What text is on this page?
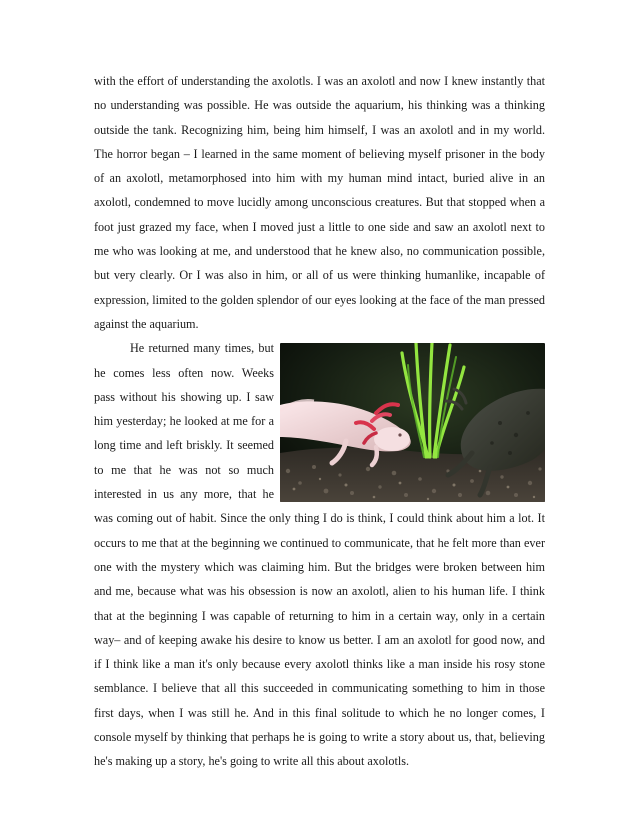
with the effort of understanding the axolotls. I was an axolotl and now I knew instantly that no understanding was possible. He was outside the aquarium, his thinking was a thinking outside the tank. Recognizing him, being him himself, I was an axolotl and in my world. The horror began – I learned in the same moment of believing myself prisoner in the body of an axolotl, metamorphosed into him with my human mind intact, buried alive in an axolotl, condemned to move lucidly among unconscious creatures. But that stopped when a foot just grazed my face, when I moved just a little to one side and saw an axolotl next to me who was looking at me, and understood that he knew also, no communication possible, but very clearly. Or I was also in him, or all of us were thinking humanlike, incapable of expression, limited to the golden splendor of our eyes looking at the face of the man pressed against the aquarium.

He returned many times, but he comes less often now. Weeks pass without his showing up. I saw him yesterday; he looked at me for a long time and left briskly. It seemed to me that he was not so much interested in us any more, that he was coming out of habit. Since the only thing I do is think, I could think about him a lot. It occurs to me that at the beginning we continued to communicate, that he felt more than ever one with the mystery which was claiming him. But the bridges were broken between him and me, because what was his obsession is now an axolotl, alien to his human life. I think that at the beginning I was capable of returning to him in a certain way, only in a certain way– and of keeping awake his desire to know us better. I am an axolotl for good now, and if I think like a man it's only because every axolotl thinks like a man inside his rosy stone semblance. I believe that all this succeeded in communicating something to him in those first days, when I was still he. And in this final solitude to which he no longer comes, I console myself by thinking that perhaps he is going to write a story about us, that, believing he's making up a story, he's going to write all this about axolotls.
